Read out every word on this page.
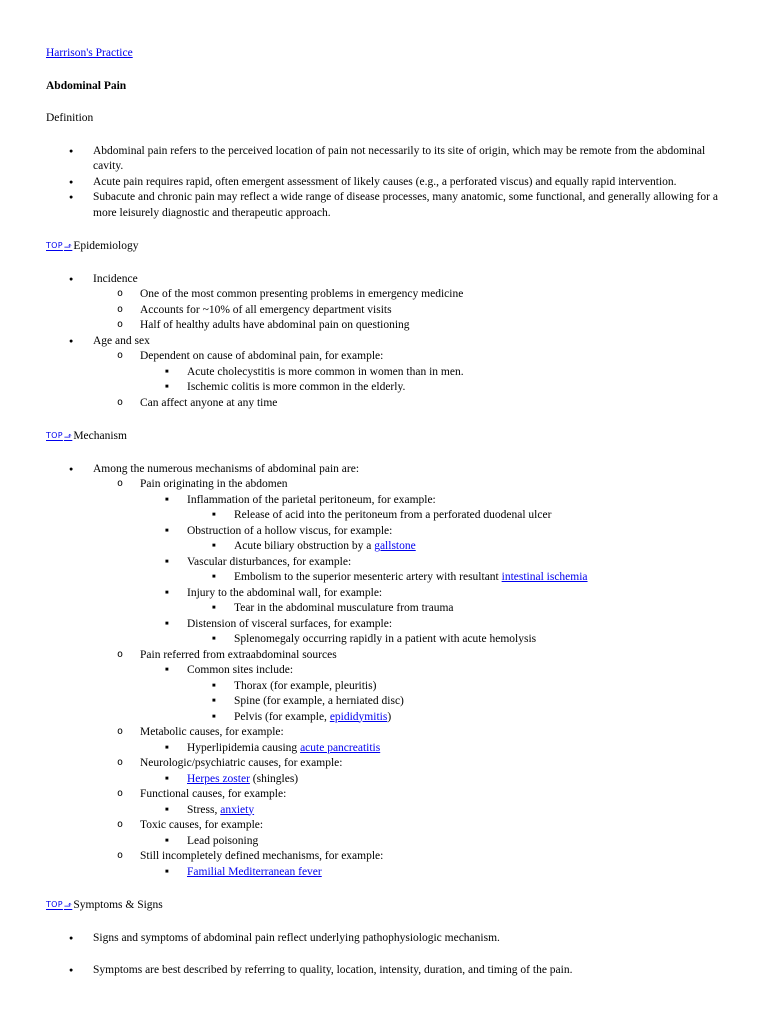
Harrison's Practice

Abdominal Pain

Definition

● Abdominal pain refers to the perceived location of pain not necessarily to its site of origin, which may be remote from the abdominal cavity.
● Acute pain requires rapid, often emergent assessment of likely causes (e.g., a perforated viscus) and equally rapid intervention.
● Subacute and chronic pain may reflect a wide range of disease processes, many anatomic, some functional, and generally allowing for a more leisurely diagnostic and therapeutic approach.

TOP⬏Epidemiology

● Incidence
o One of the most common presenting problems in emergency medicine
o Accounts for ~10% of all emergency department visits
o Half of healthy adults have abdominal pain on questioning
● Age and sex
o Dependent on cause of abdominal pain, for example:
■ Acute cholecystitis is more common in women than in men.
■ Ischemic colitis is more common in the elderly.
o Can affect anyone at any time

TOP⬏Mechanism

● Among the numerous mechanisms of abdominal pain are:
o Pain originating in the abdomen
■ Inflammation of the parietal peritoneum, for example:
■ Release of acid into the peritoneum from a perforated duodenal ulcer
■ Obstruction of a hollow viscus, for example:
■ Acute biliary obstruction by a gallstone
■ Vascular disturbances, for example:
■ Embolism to the superior mesenteric artery with resultant intestinal ischemia
■ Injury to the abdominal wall, for example:
■ Tear in the abdominal musculature from trauma
■ Distension of visceral surfaces, for example:
■ Splenomegaly occurring rapidly in a patient with acute hemolysis
o Pain referred from extraabdominal sources
■ Common sites include:
■ Thorax (for example, pleuritis)
■ Spine (for example, a herniated disc)
■ Pelvis (for example, epididymitis)
o Metabolic causes, for example:
■ Hyperlipidemia causing acute pancreatitis
o Neurologic/psychiatric causes, for example:
■ Herpes zoster (shingles)
o Functional causes, for example:
■ Stress, anxiety
o Toxic causes, for example:
■ Lead poisoning
o Still incompletely defined mechanisms, for example:
■ Familial Mediterranean fever

TOP⬏Symptoms & Signs

● Signs and symptoms of abdominal pain reflect underlying pathophysiologic mechanism.
● Symptoms are best described by referring to quality, location, intensity, duration, and timing of the pain.
